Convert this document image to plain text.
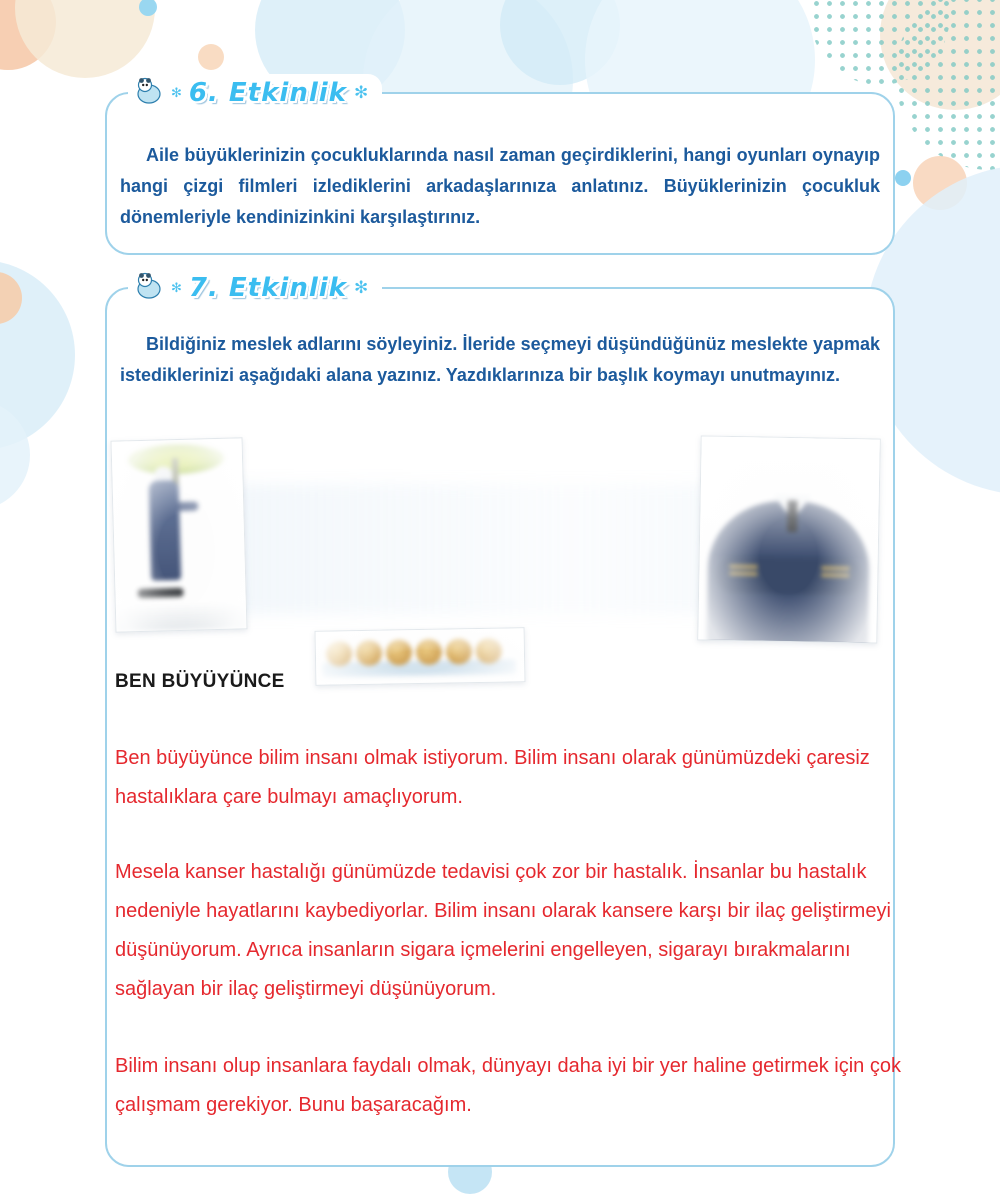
Aile büyüklerinizin çocukluklarında nasıl zaman geçirdiklerini, hangi oyunları oynayıp hangi çizgi filmleri izlediklerini arkadaşlarınıza anlatınız. Büyüklerinizin çocukluk dönemleriyle kendinizinkini karşılaştırınız.

Bildiğiniz meslek adlarını söyleyiniz. İleride seçmeyi düşündüğünüz meslekte yapmak istediklerinizi aşağıdaki alana yazınız. Yazdıklarınıza bir başlık koymayı unutmayınız.

BEN BÜYÜYÜNCE

Ben büyüyünce bilim insanı olmak istiyorum. Bilim insanı olarak günümüzdeki çaresiz hastalıklara çare bulmayı amaçlıyorum.

Mesela kanser hastalığı günümüzde tedavisi çok zor bir hastalık. İnsanlar bu hastalık nedeniyle hayatlarını kaybediyorlar. Bilim insanı olarak kansere karşı bir ilaç geliştirmeyi düşünüyorum. Ayrıca insanların sigara içmelerini engelleyen, sigarayı bırakmalarını sağlayan bir ilaç geliştirmeyi düşünüyorum.

Bilim insanı olup insanlara faydalı olmak, dünyayı daha iyi bir yer haline getirmek için çok çalışmam gerekiyor. Bunu başaracağım.

✻ 6. Etkinlik ✻
✻ 7. Etkinlik ✻
